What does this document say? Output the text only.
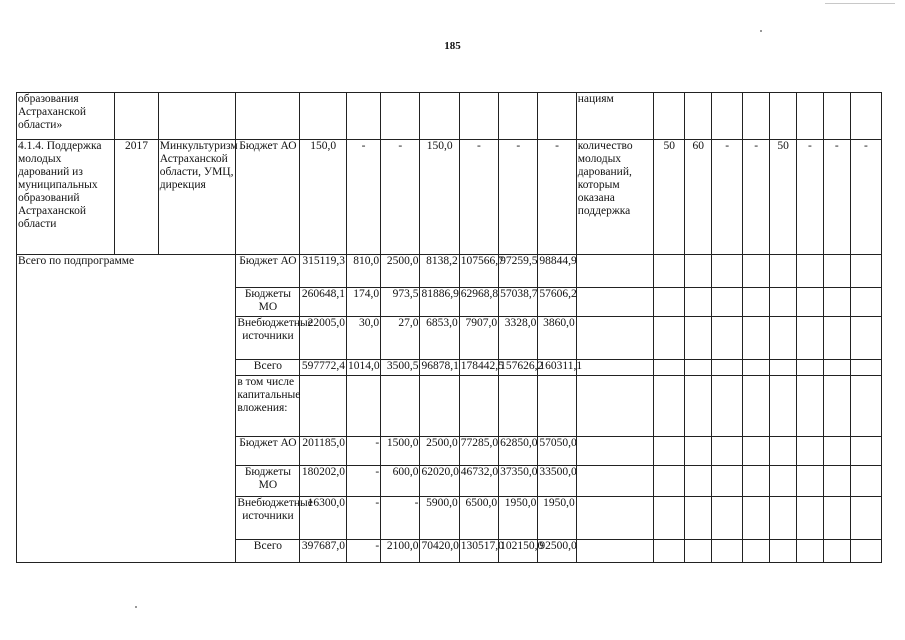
185
образования Астраханской области»											нациям								
4.1.4. Поддержка молодых дарований из муниципальных образований Астраханской области	2017	Минкультуризм Астраханской области, УМЦ, дирекция	Бюджет АО	150,0	-	-	150,0	-	-	-	количество молодых дарований, которым оказана поддержка	50	60	-	-	50	-	-	-
Всего по подпрограмме			Бюджет АО	315119,3	810,0	2500,0	8138,2	107566,7	97259,5	98844,9									
			Бюджеты МО	260648,1	174,0	973,5	81886,9	62968,8	57038,7	57606,2									
			Внебюджетные источники	22005,0	30,0	27,0	6853,0	7907,0	3328,0	3860,0									
			Всего	597772,4	1014,0	3500,5	96878,1	178442,5	157626,2	160311,1									
			в том числе капитальные вложения:																
			Бюджет АО	201185,0	-	1500,0	2500,0	77285,0	62850,0	57050,0									
			Бюджеты МО	180202,0	-	600,0	62020,0	46732,0	37350,0	33500,0									
			Внебюджетные источники	16300,0	-	-	5900,0	6500,0	1950,0	1950,0									
			Всего	397687,0	-	2100,0	70420,0	130517,0	102150,0	92500,0									
